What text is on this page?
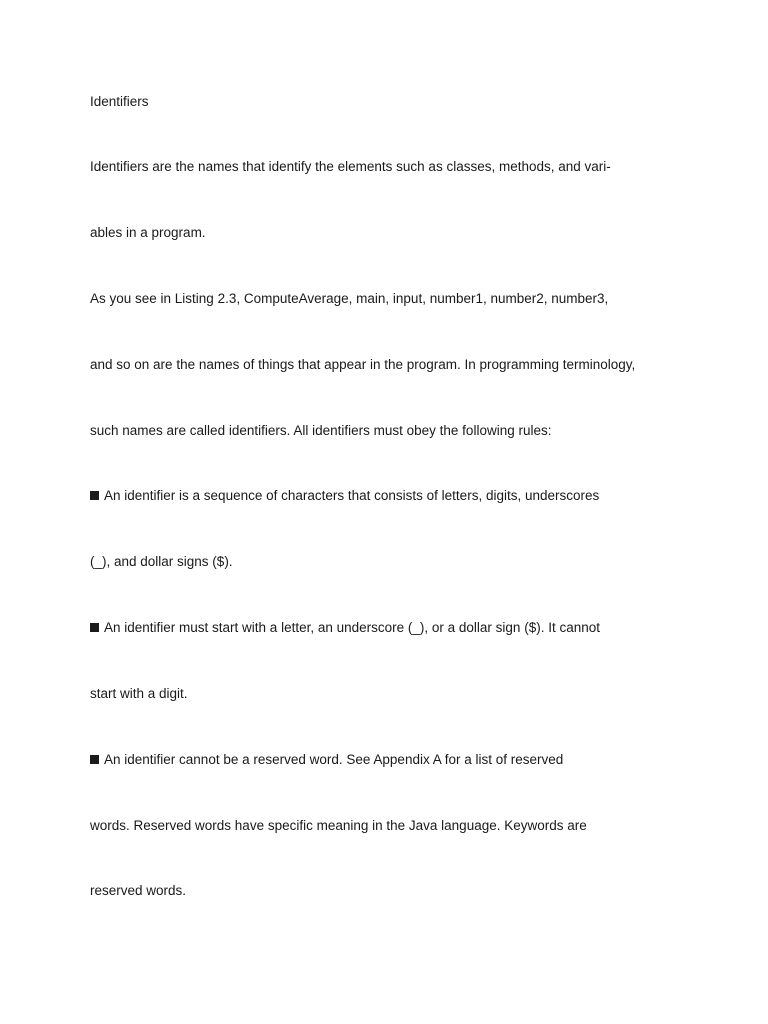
Identifiers

Identifiers are the names that identify the elements such as classes, methods, and vari-

ables in a program.

As you see in Listing 2.3, ComputeAverage, main, input, number1, number2, number3,

and so on are the names of things that appear in the program. In programming terminology,

such names are called identifiers. All identifiers must obey the following rules:

An identifier is a sequence of characters that consists of letters, digits, underscores

(_), and dollar signs ($).

An identifier must start with a letter, an underscore (_), or a dollar sign ($). It cannot

start with a digit.

An identifier cannot be a reserved word. See Appendix A for a list of reserved

words. Reserved words have specific meaning in the Java language. Keywords are

reserved words.
